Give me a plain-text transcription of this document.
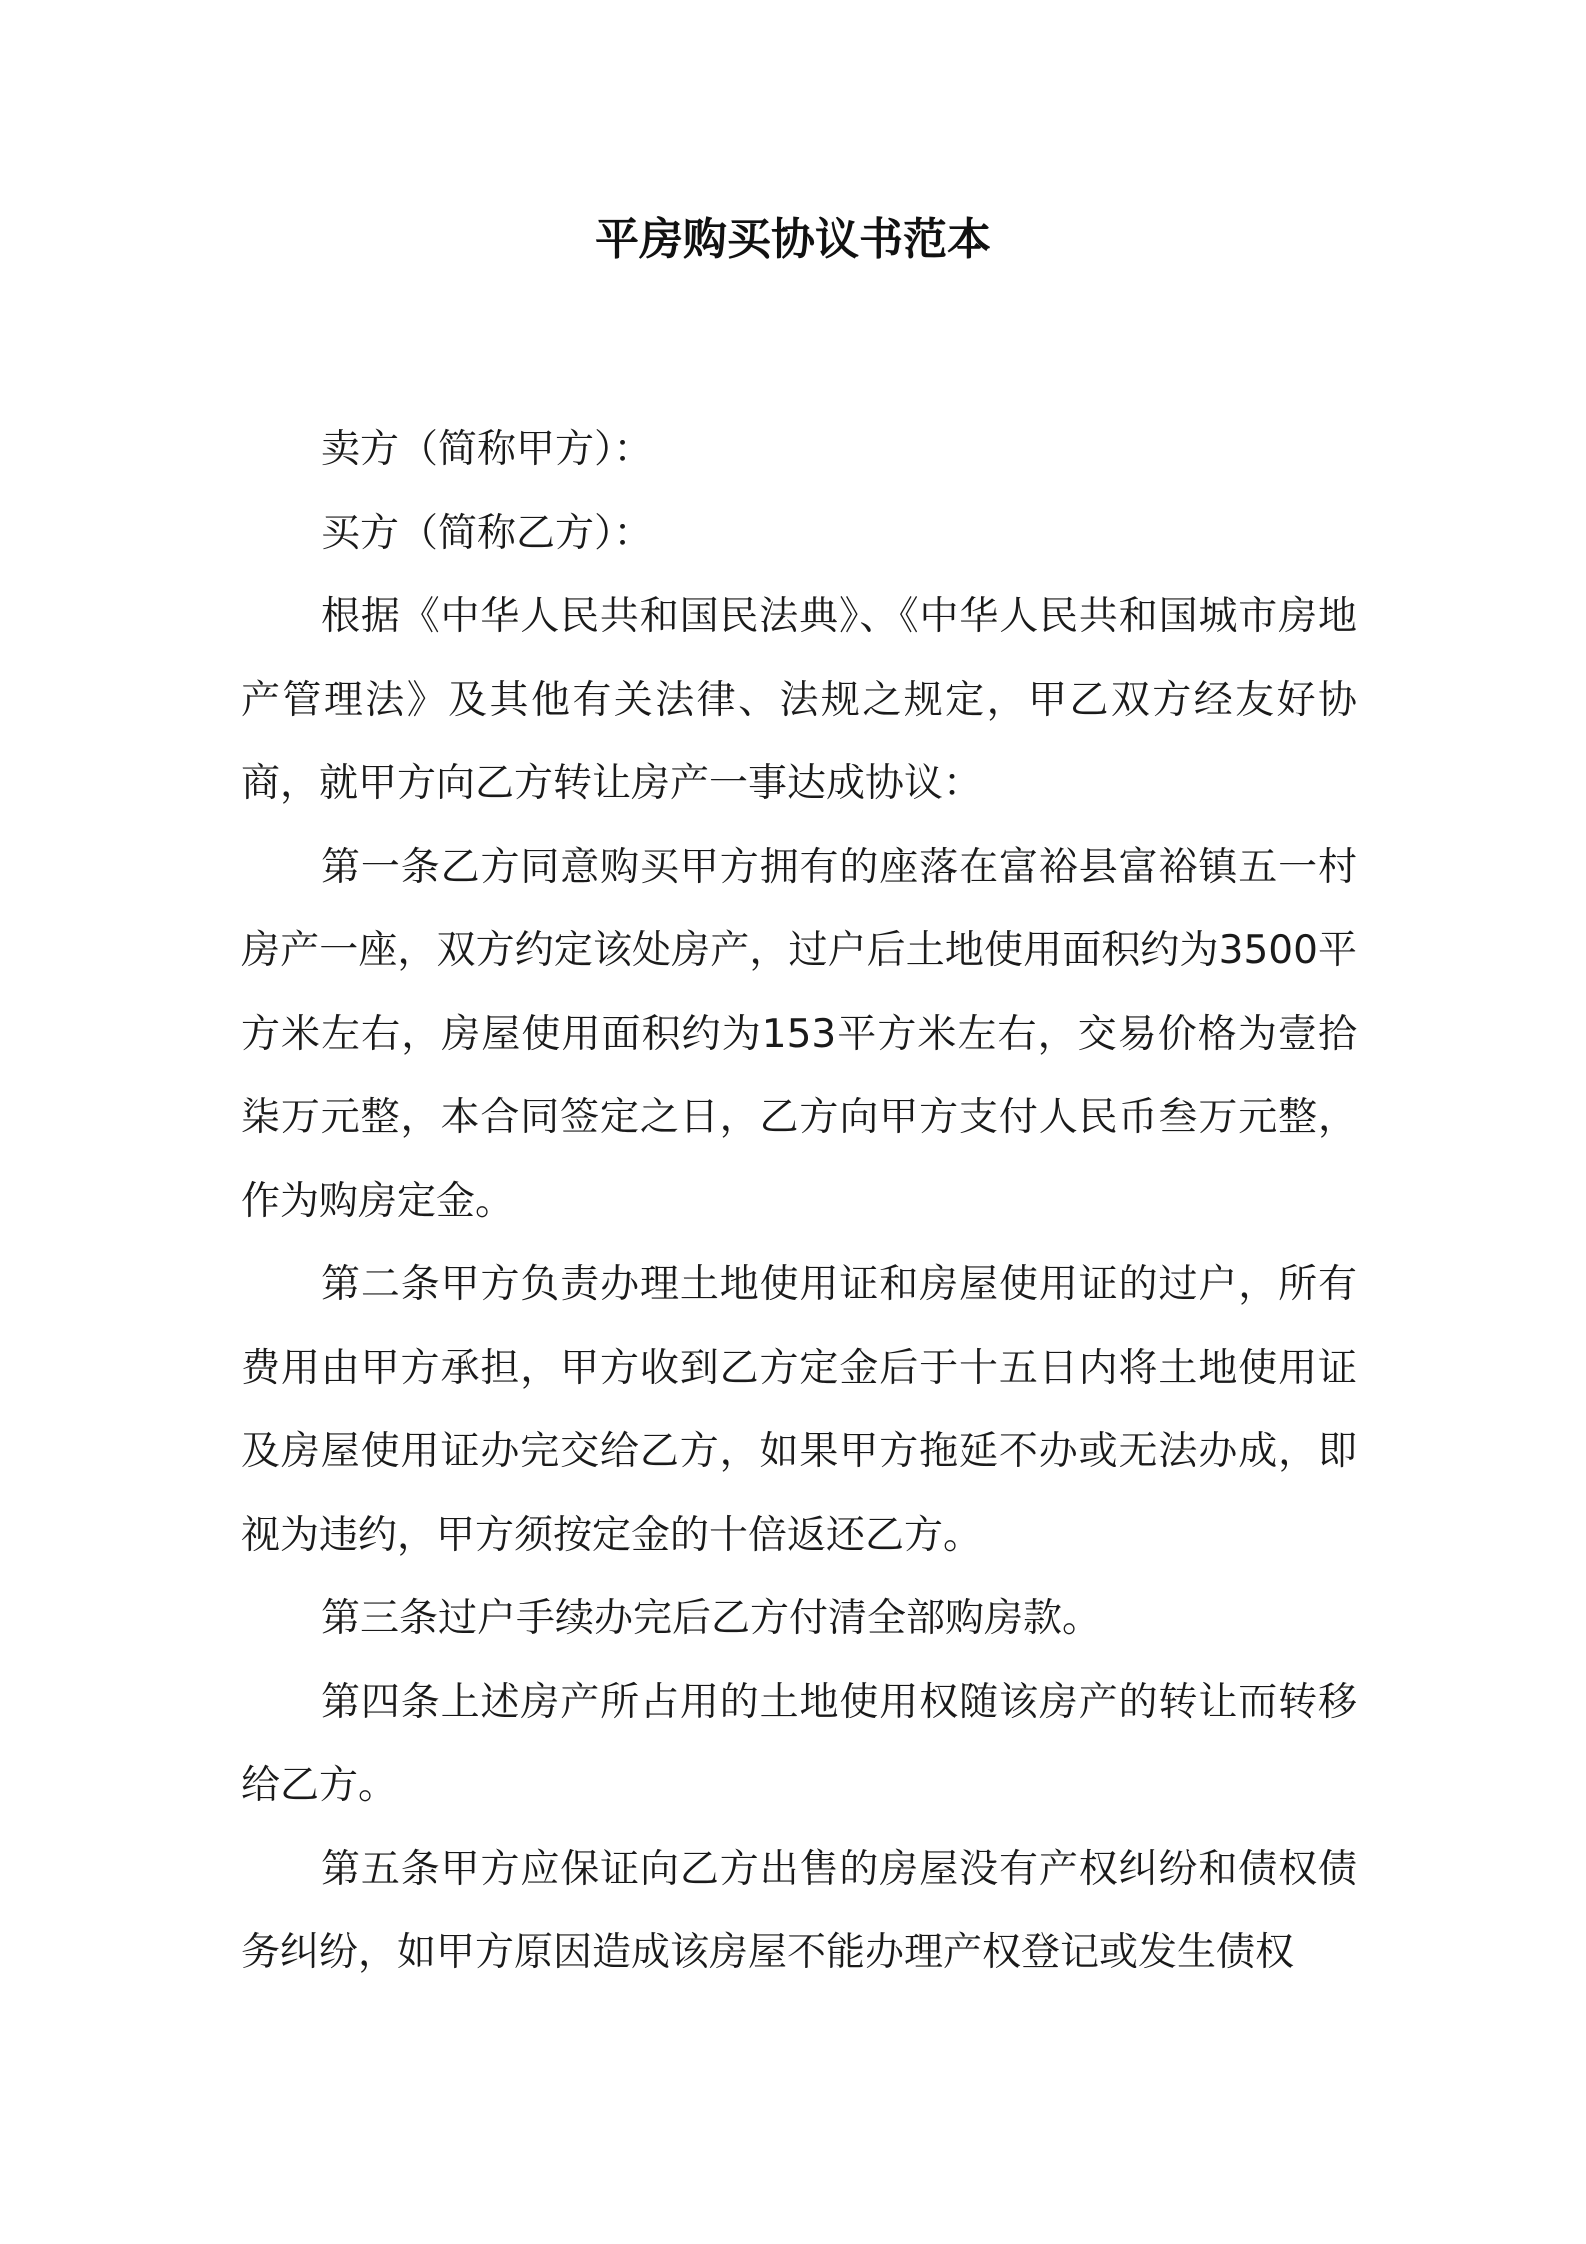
平房购买协议书范本

卖方（简称甲方）：

买方（简称乙方）：

根据《中华人民共和国民法典》、《中华人民共和国城市房地产管理法》及其他有关法律、法规之规定，甲乙双方经友好协商，就甲方向乙方转让房产一事达成协议：

第一条乙方同意购买甲方拥有的座落在富裕县富裕镇五一村房产一座，双方约定该处房产，过户后土地使用面积约为3500平方米左右，房屋使用面积约为153平方米左右，交易价格为壹拾柒万元整，本合同签定之日，乙方向甲方支付人民币叁万元整，作为购房定金。

第二条甲方负责办理土地使用证和房屋使用证的过户，所有费用由甲方承担，甲方收到乙方定金后于十五日内将土地使用证及房屋使用证办完交给乙方，如果甲方拖延不办或无法办成，即视为违约，甲方须按定金的十倍返还乙方。

第三条过户手续办完后乙方付清全部购房款。

第四条上述房产所占用的土地使用权随该房产的转让而转移给乙方。

第五条甲方应保证向乙方出售的房屋没有产权纠纷和债权债务纠纷，如甲方原因造成该房屋不能办理产权登记或发生债权
